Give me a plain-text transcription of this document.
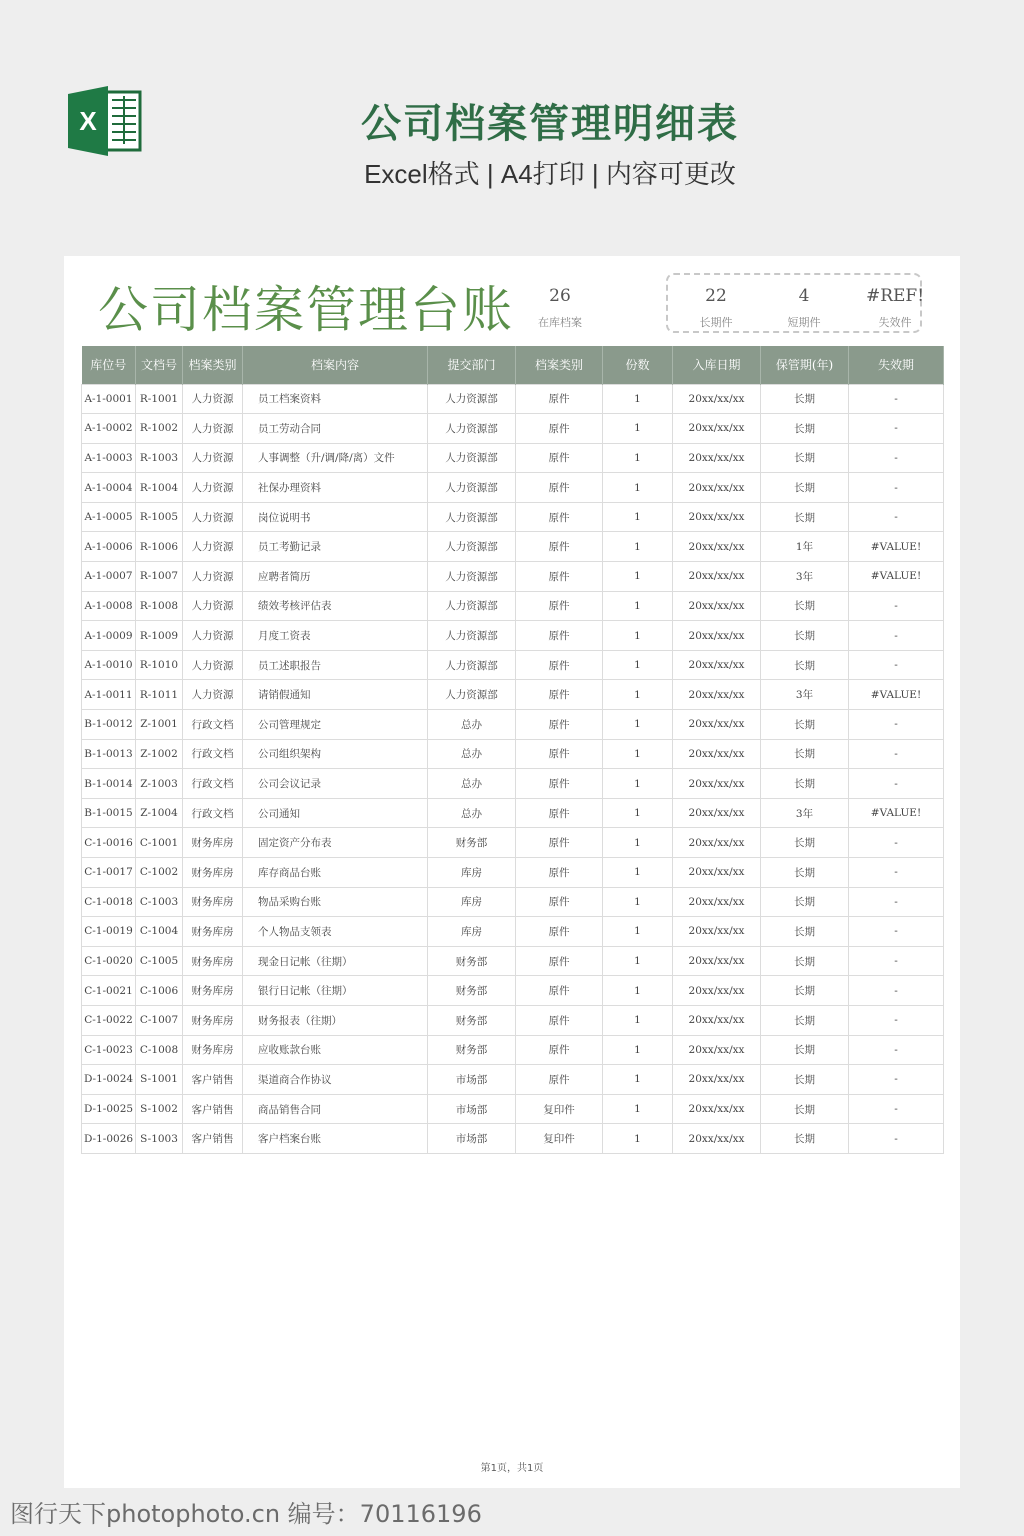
X	公司档案管理明细表
Excel格式 | A4打印 | 内容可更改
公司档案管理台账	26
在库档案
22
长期件
4
短期件
#REF!
失效件
库位号	文档号	档案类别	档案内容	提交部门	档案类别	份数	入库日期	保管期(年)	失效期
A-1-0001	R-1001	人力资源	员工档案资料	人力资源部	原件	1	20xx/xx/xx	长期	-
A-1-0002	R-1002	人力资源	员工劳动合同	人力资源部	原件	1	20xx/xx/xx	长期	-
A-1-0003	R-1003	人力资源	人事调整（升/调/降/离）文件	人力资源部	原件	1	20xx/xx/xx	长期	-
A-1-0004	R-1004	人力资源	社保办理资料	人力资源部	原件	1	20xx/xx/xx	长期	-
A-1-0005	R-1005	人力资源	岗位说明书	人力资源部	原件	1	20xx/xx/xx	长期	-
A-1-0006	R-1006	人力资源	员工考勤记录	人力资源部	原件	1	20xx/xx/xx	1年	#VALUE!
A-1-0007	R-1007	人力资源	应聘者简历	人力资源部	原件	1	20xx/xx/xx	3年	#VALUE!
A-1-0008	R-1008	人力资源	绩效考核评估表	人力资源部	原件	1	20xx/xx/xx	长期	-
A-1-0009	R-1009	人力资源	月度工资表	人力资源部	原件	1	20xx/xx/xx	长期	-
A-1-0010	R-1010	人力资源	员工述职报告	人力资源部	原件	1	20xx/xx/xx	长期	-
A-1-0011	R-1011	人力资源	请销假通知	人力资源部	原件	1	20xx/xx/xx	3年	#VALUE!
B-1-0012	Z-1001	行政文档	公司管理规定	总办	原件	1	20xx/xx/xx	长期	-
B-1-0013	Z-1002	行政文档	公司组织架构	总办	原件	1	20xx/xx/xx	长期	-
B-1-0014	Z-1003	行政文档	公司会议记录	总办	原件	1	20xx/xx/xx	长期	-
B-1-0015	Z-1004	行政文档	公司通知	总办	原件	1	20xx/xx/xx	3年	#VALUE!
C-1-0016	C-1001	财务库房	固定资产分布表	财务部	原件	1	20xx/xx/xx	长期	-
C-1-0017	C-1002	财务库房	库存商品台账	库房	原件	1	20xx/xx/xx	长期	-
C-1-0018	C-1003	财务库房	物品采购台账	库房	原件	1	20xx/xx/xx	长期	-
C-1-0019	C-1004	财务库房	个人物品支领表	库房	原件	1	20xx/xx/xx	长期	-
C-1-0020	C-1005	财务库房	现金日记帐（往期）	财务部	原件	1	20xx/xx/xx	长期	-
C-1-0021	C-1006	财务库房	银行日记帐（往期）	财务部	原件	1	20xx/xx/xx	长期	-
C-1-0022	C-1007	财务库房	财务报表（往期）	财务部	原件	1	20xx/xx/xx	长期	-
C-1-0023	C-1008	财务库房	应收账款台账	财务部	原件	1	20xx/xx/xx	长期	-
D-1-0024	S-1001	客户销售	渠道商合作协议	市场部	原件	1	20xx/xx/xx	长期	-
D-1-0025	S-1002	客户销售	商品销售合同	市场部	复印件	1	20xx/xx/xx	长期	-
D-1-0026	S-1003	客户销售	客户档案台账	市场部	复印件	1	20xx/xx/xx	长期	-
第1页，共1页
图行天下photophoto.cn 编号：70116196
